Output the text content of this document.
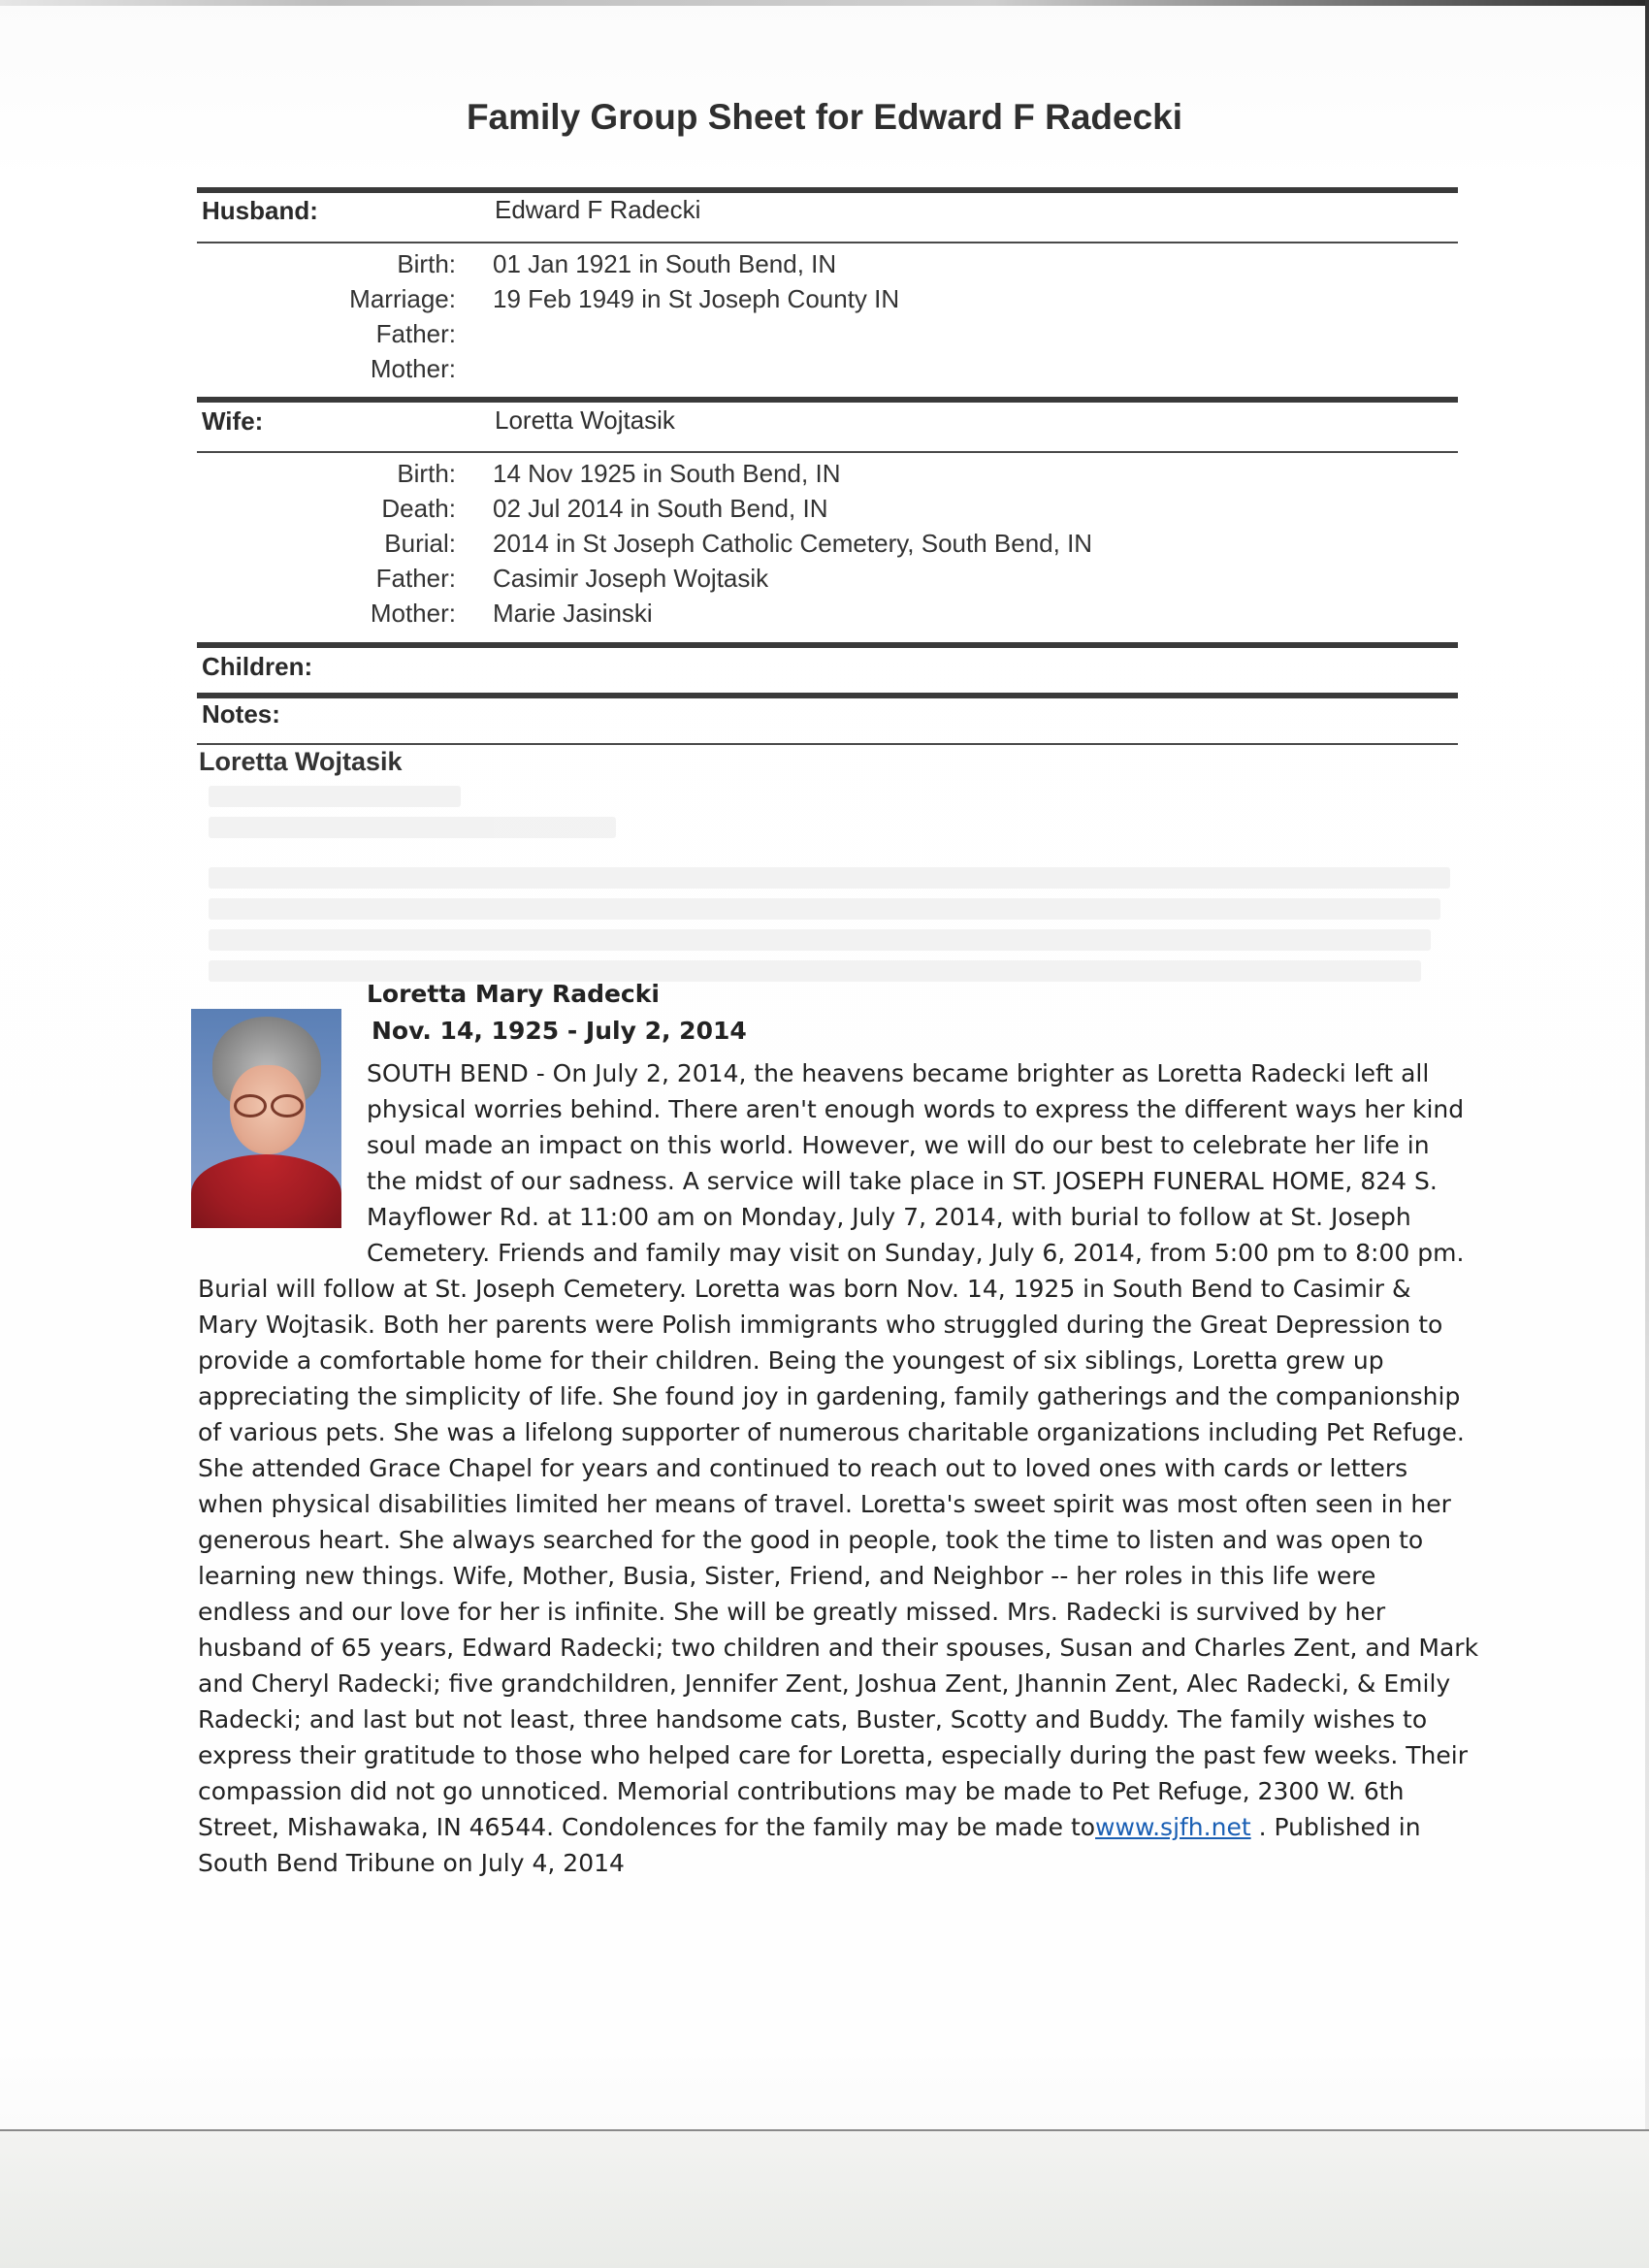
Family Group Sheet for Edward F Radecki
Husband:	Edward F Radecki
Birth: 01 Jan 1921 in South Bend, IN
Marriage: 19 Feb 1949 in St Joseph County IN
Father:
Mother:
Wife:	Loretta Wojtasik
Birth: 14 Nov 1925 in South Bend, IN
Death: 02 Jul 2014 in South Bend, IN
Burial: 2014 in St Joseph Catholic Cemetery, South Bend, IN
Father: Casimir Joseph Wojtasik
Mother: Marie Jasinski
Children:
Notes:
Loretta Wojtasik
Loretta Mary Radecki
Nov. 14, 1925 - July 2, 2014
SOUTH BEND - On July 2, 2014, the heavens became brighter as Loretta Radecki left all
physical worries behind. There aren't enough words to express the different ways her kind
soul made an impact on this world. However, we will do our best to celebrate her life in
the midst of our sadness. A service will take place in ST. JOSEPH FUNERAL HOME, 824 S.
Mayflower Rd. at 11:00 am on Monday, July 7, 2014, with burial to follow at St. Joseph
Cemetery. Friends and family may visit on Sunday, July 6, 2014, from 5:00 pm to 8:00 pm.
Burial will follow at St. Joseph Cemetery. Loretta was born Nov. 14, 1925 in South Bend to Casimir &
Mary Wojtasik. Both her parents were Polish immigrants who struggled during the Great Depression to
provide a comfortable home for their children. Being the youngest of six siblings, Loretta grew up
appreciating the simplicity of life. She found joy in gardening, family gatherings and the companionship
of various pets. She was a lifelong supporter of numerous charitable organizations including Pet Refuge.
She attended Grace Chapel for years and continued to reach out to loved ones with cards or letters
when physical disabilities limited her means of travel. Loretta's sweet spirit was most often seen in her
generous heart. She always searched for the good in people, took the time to listen and was open to
learning new things. Wife, Mother, Busia, Sister, Friend, and Neighbor -- her roles in this life were
endless and our love for her is infinite. She will be greatly missed. Mrs. Radecki is survived by her
husband of 65 years, Edward Radecki; two children and their spouses, Susan and Charles Zent, and Mark
and Cheryl Radecki; five grandchildren, Jennifer Zent, Joshua Zent, Jhannin Zent, Alec Radecki, & Emily
Radecki; and last but not least, three handsome cats, Buster, Scotty and Buddy. The family wishes to
express their gratitude to those who helped care for Loretta, especially during the past few weeks. Their
compassion did not go unnoticed. Memorial contributions may be made to Pet Refuge, 2300 W. 6th
Street, Mishawaka, IN 46544. Condolences for the family may be made towww.sjfh.net . Published in
South Bend Tribune on July 4, 2014
